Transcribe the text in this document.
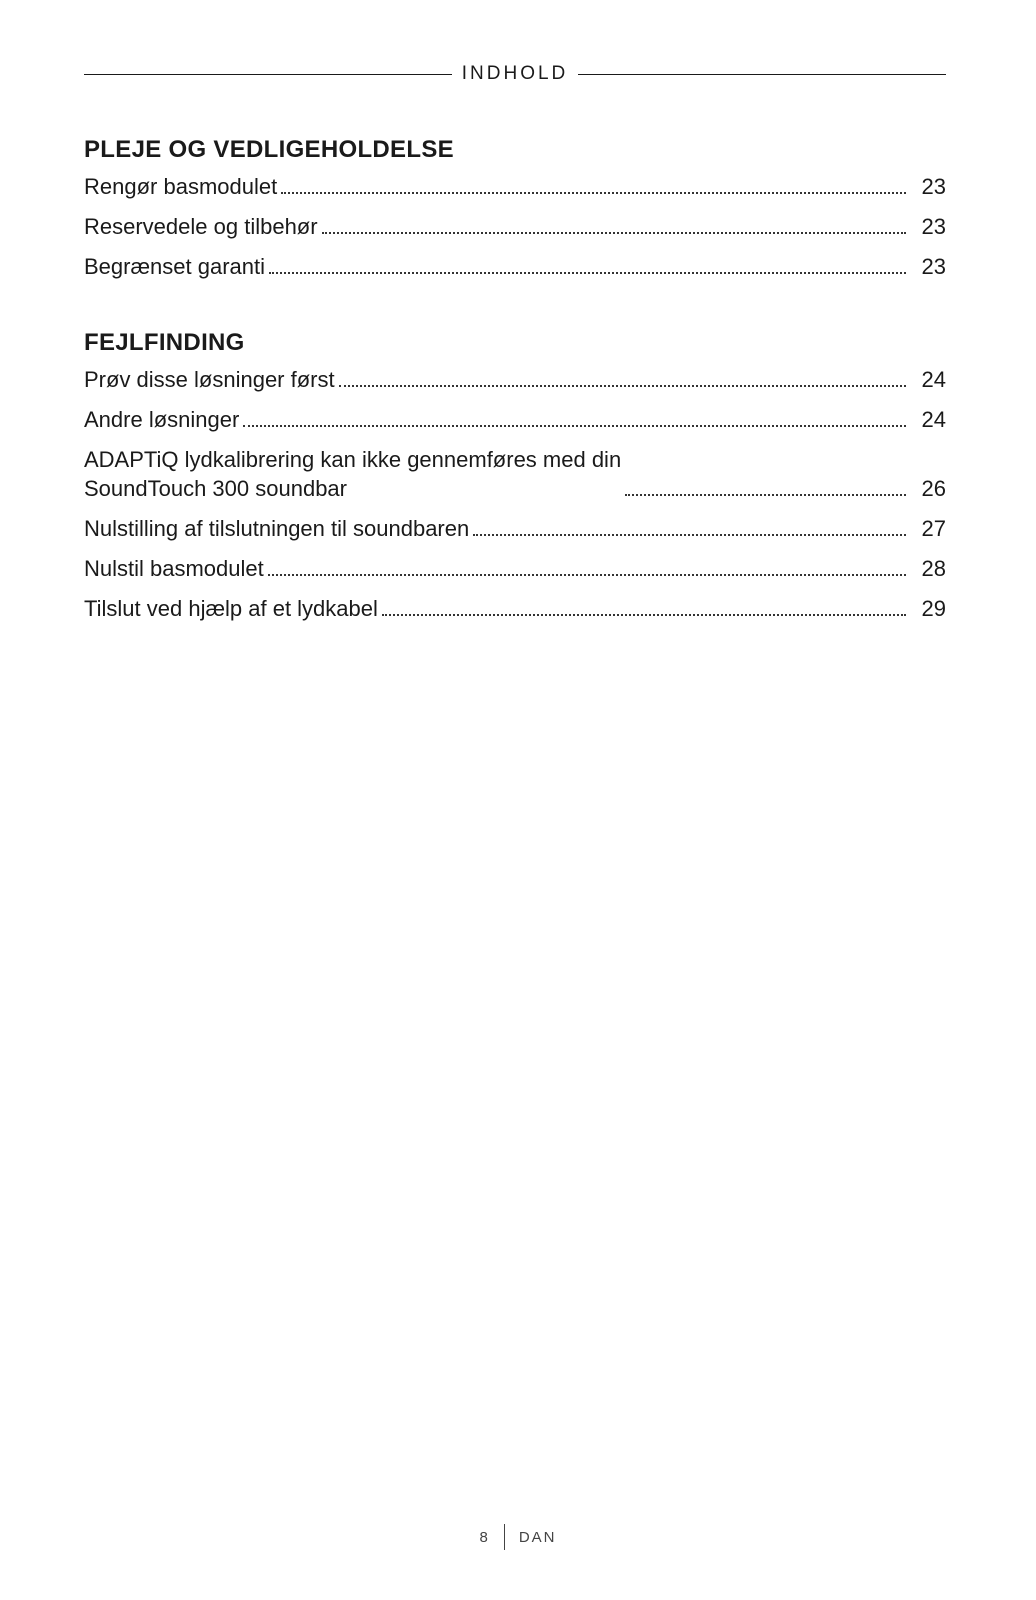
INDHOLD
PLEJE OG VEDLIGEHOLDELSE
Rengør basmodulet	23
Reservedele og tilbehør	23
Begrænset garanti	23
FEJLFINDING
Prøv disse løsninger først	24
Andre løsninger	24
ADAPTiQ lydkalibrering kan ikke gennemføres med din
SoundTouch 300 soundbar	26
Nulstilling af tilslutningen til soundbaren	27
Nulstil basmodulet	28
Tilslut ved hjælp af et lydkabel	29
8	DAN
